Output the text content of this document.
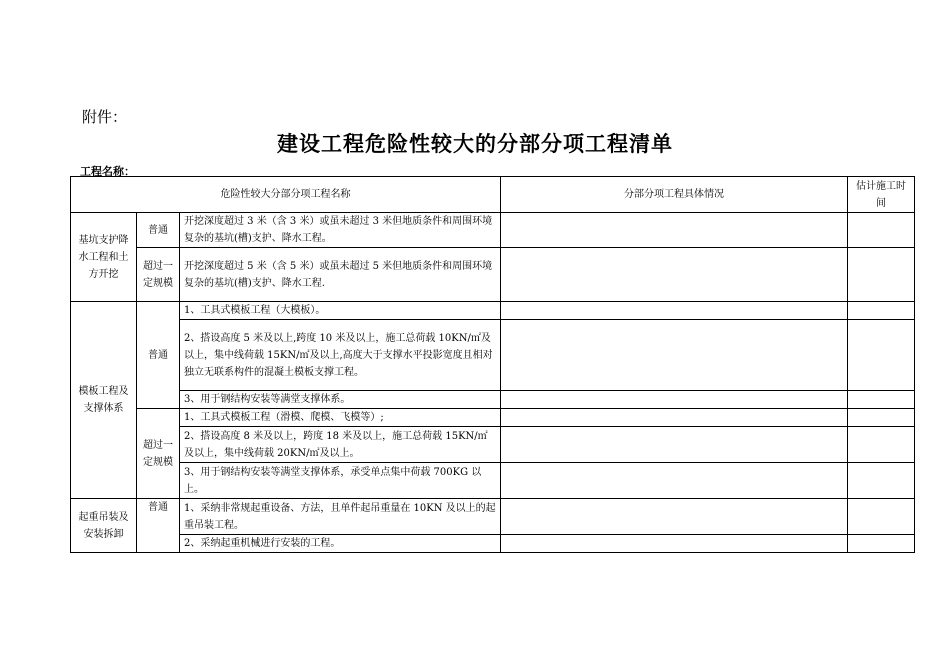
附件：
建设工程危险性较大的分部分项工程清单
工程名称：
危险性较大分部分项工程名称			分部分项工程具体情况	估计施工时间
基坑支护降水工程和土方开挖	普通	开挖深度超过 3 米（含 3 米）或虽未超过 3 米但地质条件和周围环境复杂的基坑(槽)支护、降水工程。		
	超过一定规模	开挖深度超过 5 米（含 5 米）或虽未超过 5 米但地质条件和周围环境复杂的基坑(槽)支护、降水工程.		
模板工程及支撑体系	普通	1、工具式模板工程（大模板）。		
		2、搭设高度 5 米及以上,跨度 10 米及以上，施工总荷载 10KN/㎡及以上，集中线荷载 15KN/㎡及以上,高度大于支撑水平投影宽度且相对独立无联系构件的混凝土模板支撑工程。		
		3、用于钢结构安装等满堂支撑体系。		
	超过一定规模	1、工具式模板工程（滑模、爬模、飞模等）;		
		2、搭设高度 8 米及以上，跨度 18 米及以上，施工总荷载 15KN/㎡及以上，集中线荷载 20KN/㎡及以上。		
		3、用于钢结构安装等满堂支撑体系，承受单点集中荷载 700KG 以上。		
起重吊装及安装拆卸	普通	1、采纳非常规起重设备、方法，且单件起吊重量在 10KN 及以上的起重吊装工程。		
		2、采纳起重机械进行安装的工程。		
